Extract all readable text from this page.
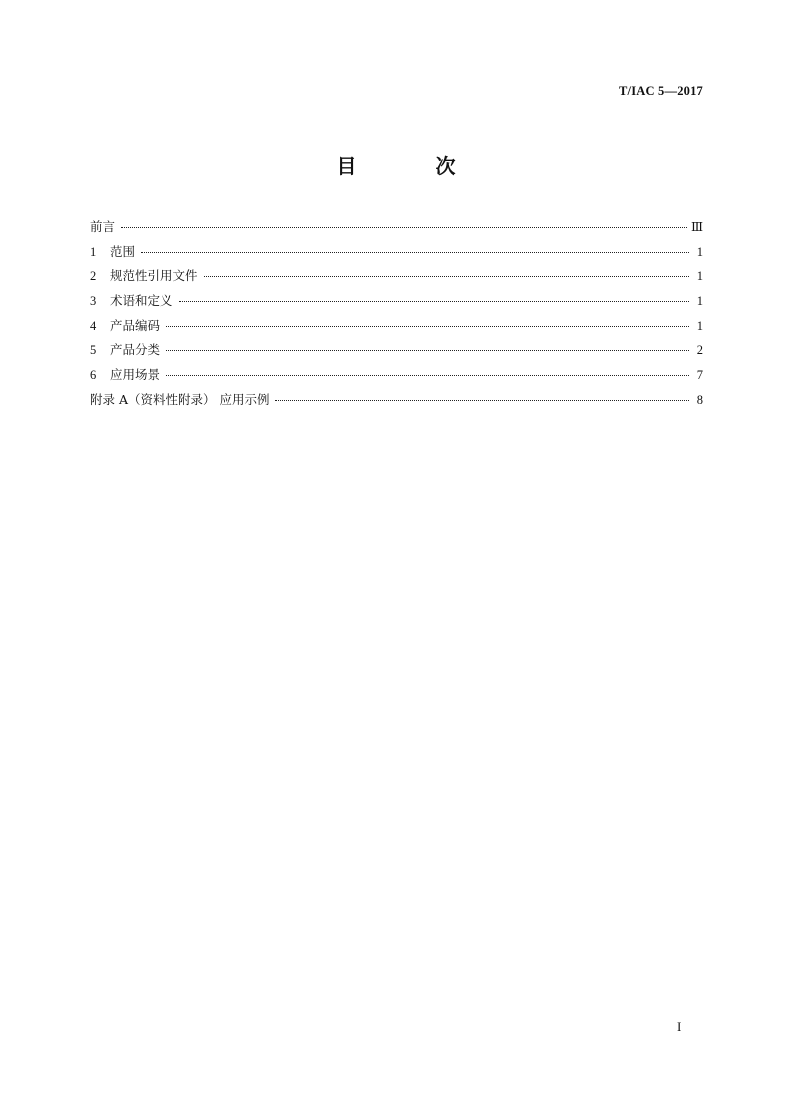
T/IAC 5—2017
目 次
前言	Ⅲ
1	范围	1
2	规范性引用文件	1
3	术语和定义	1
4	产品编码	1
5	产品分类	2
6	应用场景	7
附录 A（资料性附录） 应用示例	8
I
